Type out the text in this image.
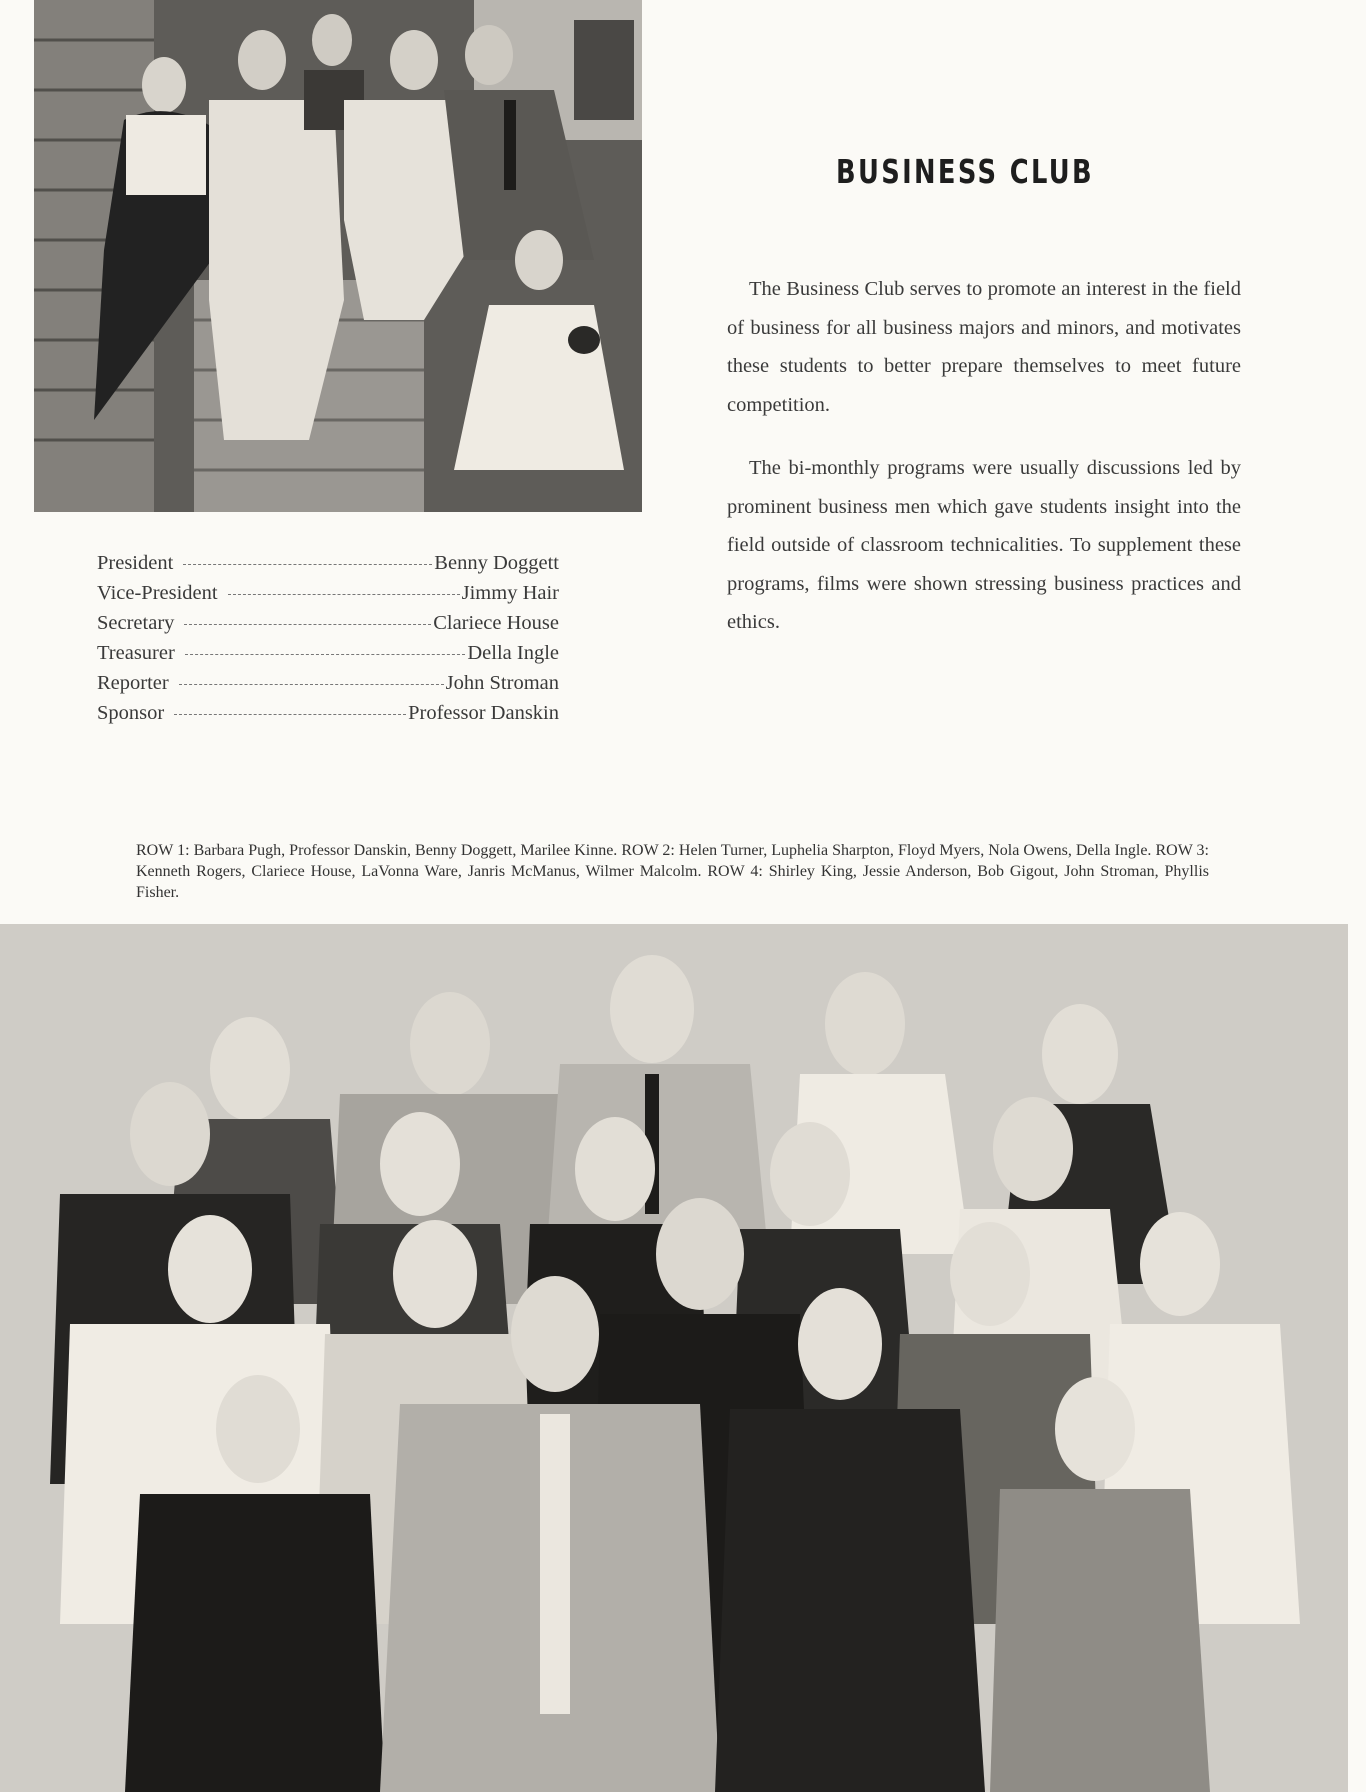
BUSINESS CLUB

The Business Club serves to promote an interest in the field of business for all business majors and minors, and motivates these students to better prepare themselves to meet future competition.

The bi-monthly programs were usually discussions led by prominent business men which gave students insight into the field outside of classroom technicalities. To supplement these programs, films were shown stressing business practices and ethics.

President	Benny Doggett
Vice-President	Jimmy Hair
Secretary	Clariece House
Treasurer	Della Ingle
Reporter	John Stroman
Sponsor	Professor Danskin
ROW 1: Barbara Pugh, Professor Danskin, Benny Doggett, Marilee Kinne. ROW 2: Helen Turner, Luphelia Sharpton, Floyd Myers, Nola Owens, Della Ingle. ROW 3: Kenneth Rogers, Clariece House, LaVonna Ware, Janris McManus, Wilmer Malcolm. ROW 4: Shirley King, Jessie Anderson, Bob Gigout, John Stroman, Phyllis Fisher.
